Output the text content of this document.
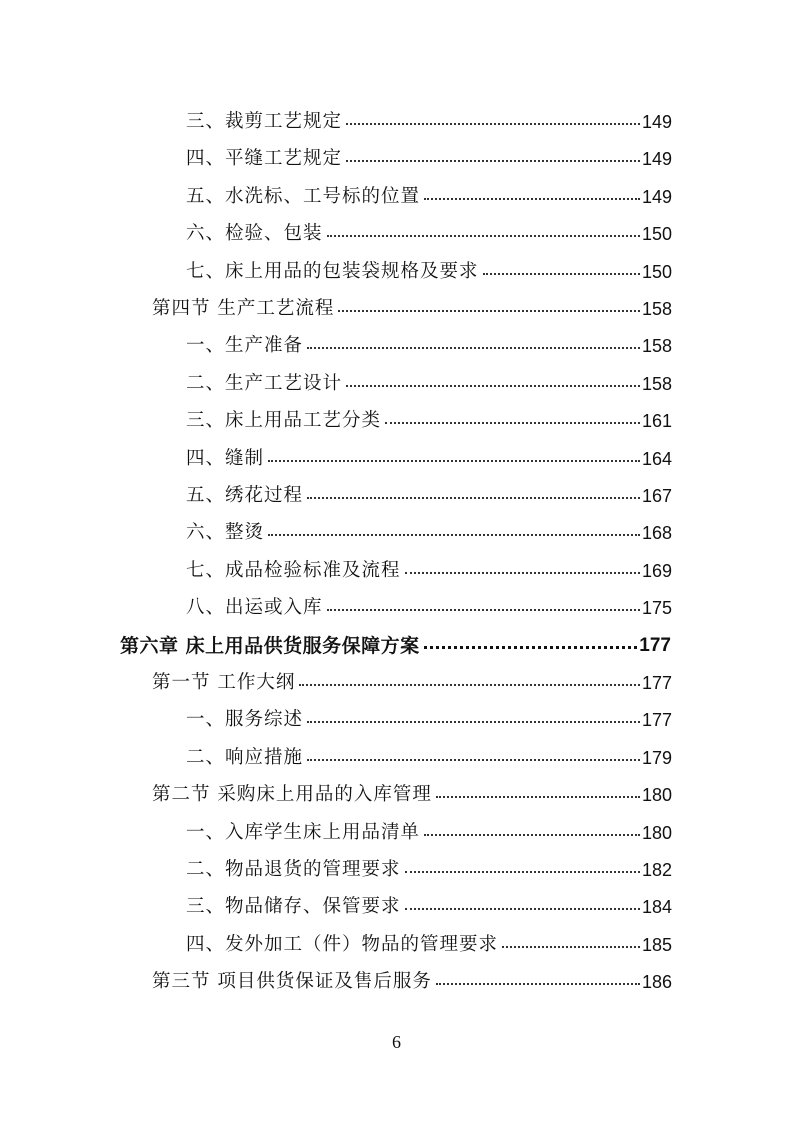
三、裁剪工艺规定	149
四、平缝工艺规定	149
五、水洗标、工号标的位置	149
六、检验、包装	150
七、床上用品的包装袋规格及要求	150
第四节 生产工艺流程	158
一、生产准备	158
二、生产工艺设计	158
三、床上用品工艺分类	161
四、缝制	164
五、绣花过程	167
六、整烫	168
七、成品检验标准及流程	169
八、出运或入库	175
第六章 床上用品供货服务保障方案	177
第一节 工作大纲	177
一、服务综述	177
二、响应措施	179
第二节 采购床上用品的入库管理	180
一、入库学生床上用品清单	180
二、物品退货的管理要求	182
三、物品储存、保管要求	184
四、发外加工（件）物品的管理要求	185
第三节 项目供货保证及售后服务	186
6
